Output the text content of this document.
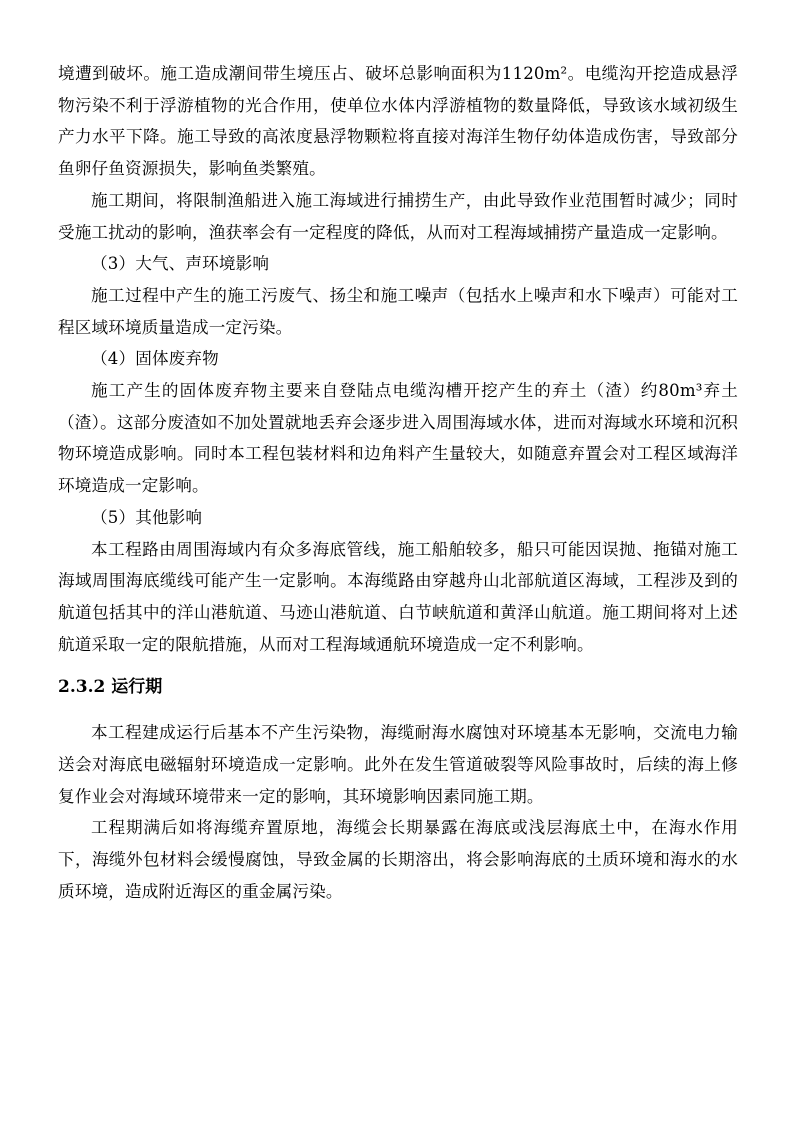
境遭到破坏。施工造成潮间带生境压占、破坏总影响面积为1120m²。电缆沟开挖造成悬浮物污染不利于浮游植物的光合作用，使单位水体内浮游植物的数量降低，导致该水域初级生产力水平下降。施工导致的高浓度悬浮物颗粒将直接对海洋生物仔幼体造成伤害，导致部分鱼卵仔鱼资源损失，影响鱼类繁殖。

施工期间，将限制渔船进入施工海域进行捕捞生产，由此导致作业范围暂时减少；同时受施工扰动的影响，渔获率会有一定程度的降低，从而对工程海域捕捞产量造成一定影响。

（3）大气、声环境影响

施工过程中产生的施工污废气、扬尘和施工噪声（包括水上噪声和水下噪声）可能对工程区域环境质量造成一定污染。

（4）固体废弃物

施工产生的固体废弃物主要来自登陆点电缆沟槽开挖产生的弃土（渣）约80m³弃土（渣）。这部分废渣如不加处置就地丢弃会逐步进入周围海域水体，进而对海域水环境和沉积物环境造成影响。同时本工程包装材料和边角料产生量较大，如随意弃置会对工程区域海洋环境造成一定影响。

（5）其他影响

本工程路由周围海域内有众多海底管线，施工船舶较多，船只可能因误抛、拖锚对施工海域周围海底缆线可能产生一定影响。本海缆路由穿越舟山北部航道区海域，工程涉及到的航道包括其中的洋山港航道、马迹山港航道、白节峡航道和黄泽山航道。施工期间将对上述航道采取一定的限航措施，从而对工程海域通航环境造成一定不利影响。

2.3.2 运行期

本工程建成运行后基本不产生污染物，海缆耐海水腐蚀对环境基本无影响，交流电力输送会对海底电磁辐射环境造成一定影响。此外在发生管道破裂等风险事故时，后续的海上修复作业会对海域环境带来一定的影响，其环境影响因素同施工期。

工程期满后如将海缆弃置原地，海缆会长期暴露在海底或浅层海底土中，在海水作用下，海缆外包材料会缓慢腐蚀，导致金属的长期溶出，将会影响海底的土质环境和海水的水质环境，造成附近海区的重金属污染。
